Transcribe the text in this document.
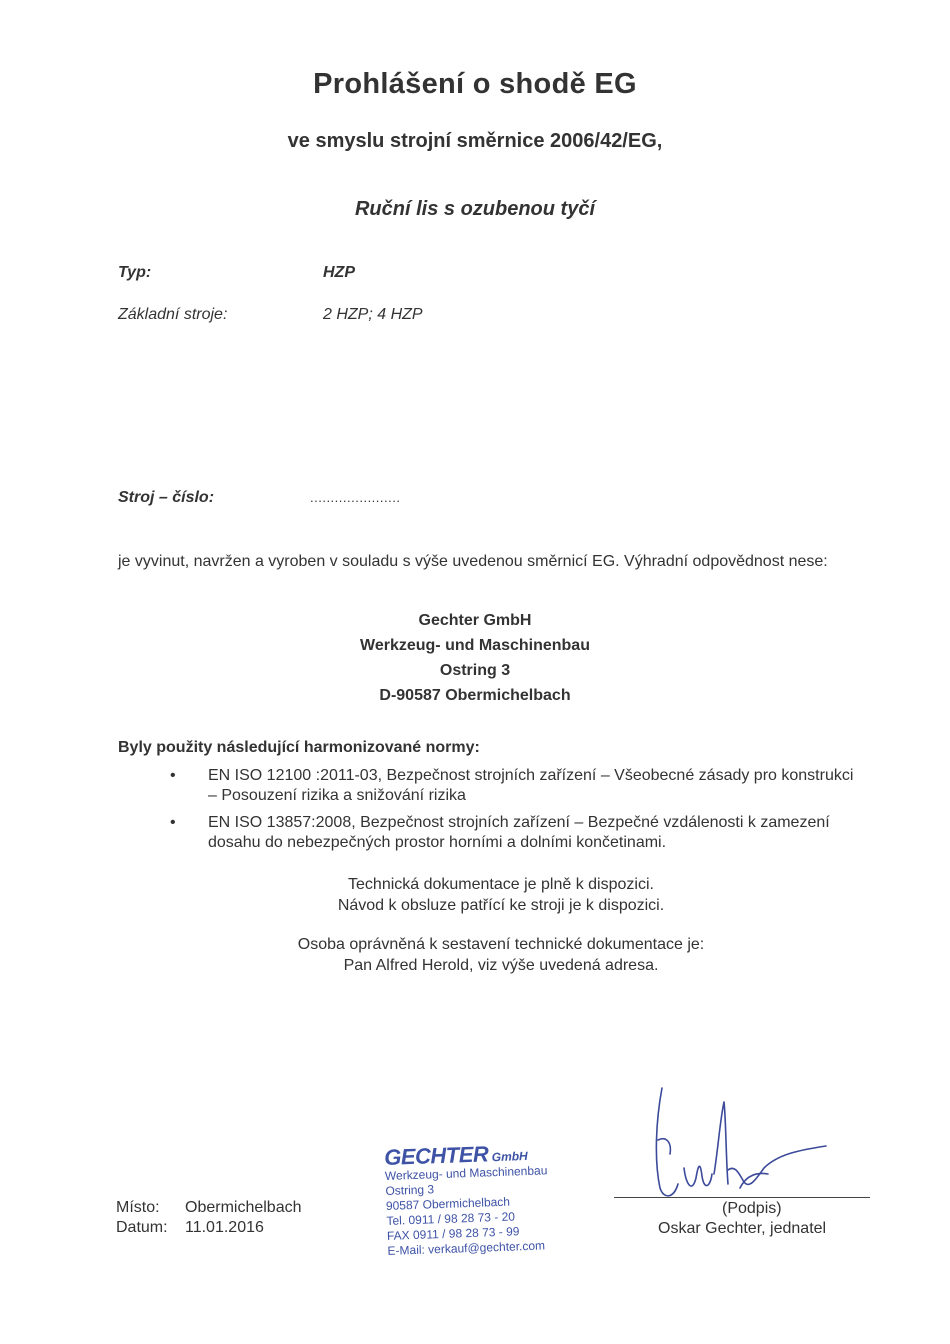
Prohlášení o shodě EG
ve smyslu strojní směrnice 2006/42/EG,
Ruční lis s ozubenou tyčí
Typ:	HZP
Základní stroje:	2 HZP; 4 HZP
Stroj – číslo:	......................
je vyvinut, navržen a vyroben v souladu s výše uvedenou směrnicí EG. Výhradní odpovědnost nese:
Gechter GmbH
Werkzeug- und Maschinenbau
Ostring 3
D-90587 Obermichelbach
Byly použity následující harmonizované normy:
•	EN ISO 12100 :2011-03, Bezpečnost strojních zařízení – Všeobecné zásady pro konstrukci – Posouzení rizika a snižování rizika
•	EN ISO 13857:2008, Bezpečnost strojních zařízení – Bezpečné vzdálenosti k zamezení dosahu do nebezpečných prostor horními a dolními končetinami.
Technická dokumentace je plně k dispozici.
Návod k obsluze patřící ke stroji je k dispozici.
Osoba oprávněná k sestavení technické dokumentace je:
Pan Alfred Herold, viz výše uvedená adresa.
Místo: Obermichelbach
Datum: 11.01.2016
GECHTER GmbH
Werkzeug- und Maschinenbau
Ostring 3
90587 Obermichelbach
Tel. 0911 / 98 28 73 - 20
FAX 0911 / 98 28 73 - 99
E-Mail: verkauf@gechter.com
(Podpis)
Oskar Gechter, jednatel
